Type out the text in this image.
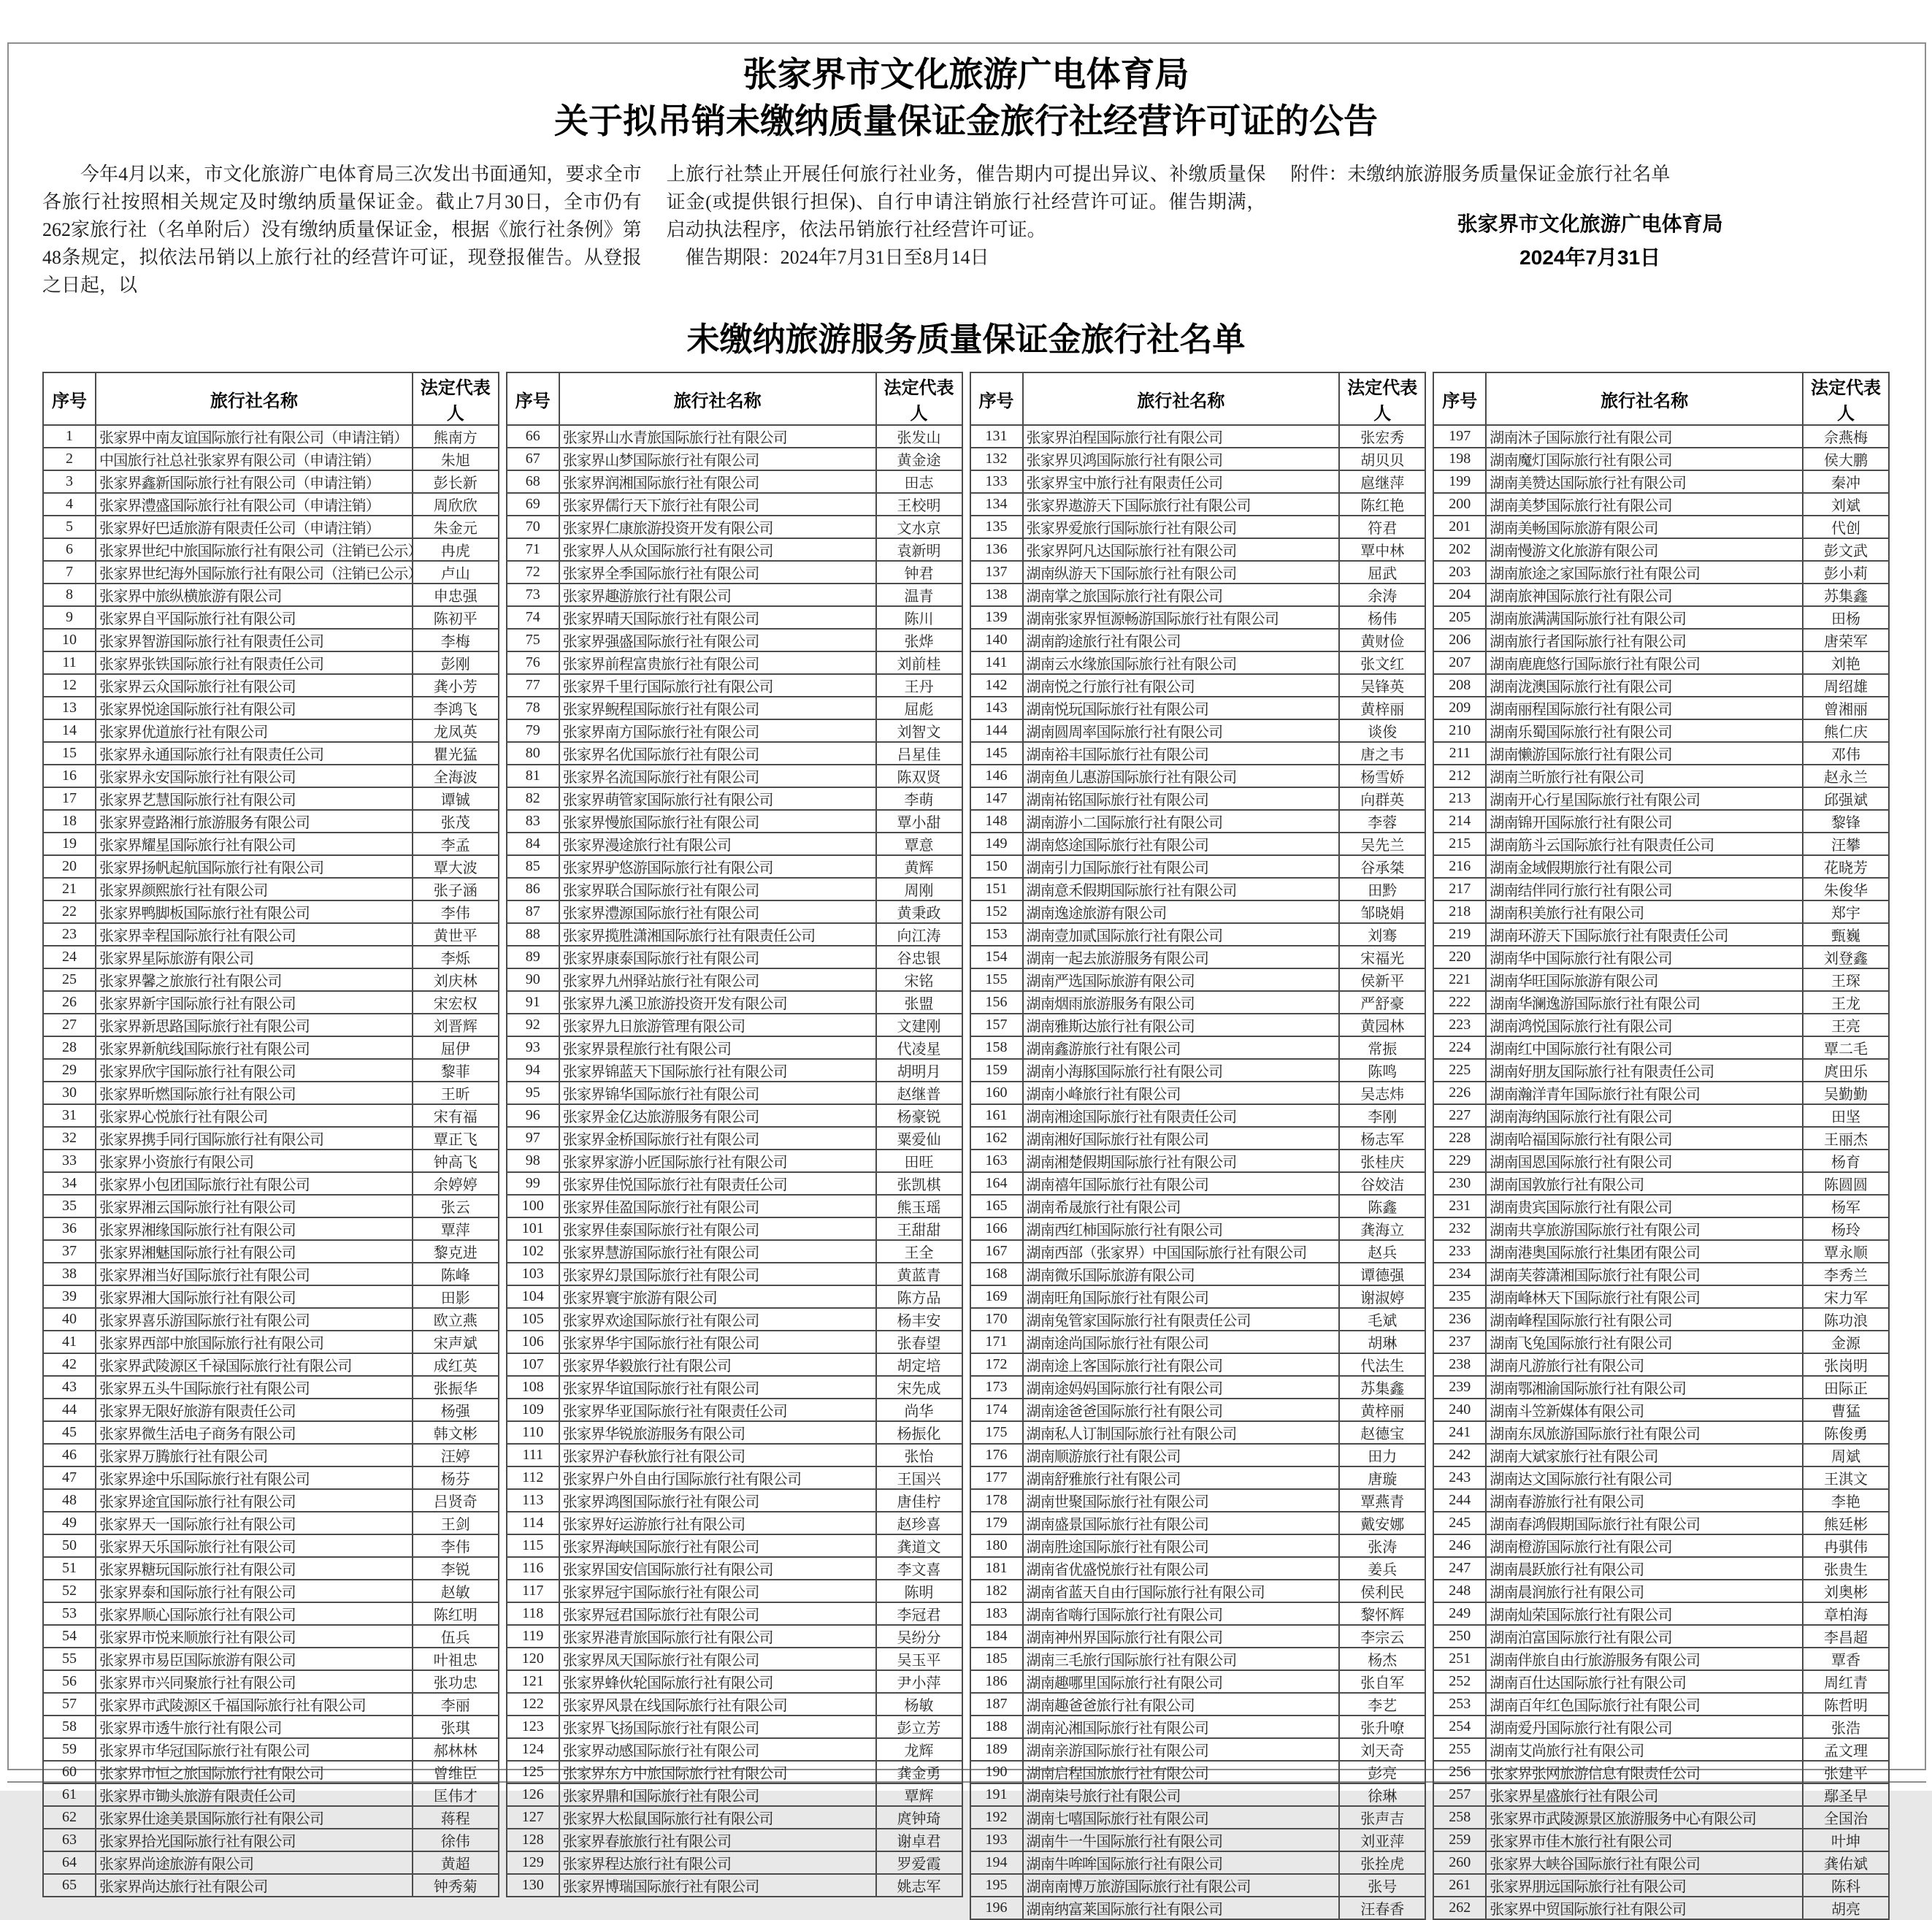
张家界市文化旅游广电体育局
关于拟吊销未缴纳质量保证金旅行社经营许可证的公告

今年4月以来，市文化旅游广电体育局三次发出书面通知，要求全市各旅行社按照相关规定及时缴纳质量保证金。截止7月30日，全市仍有262家旅行社（名单附后）没有缴纳质量保证金，根据《旅行社条例》第48条规定，拟依法吊销以上旅行社的经营许可证，现登报催告。从登报之日起，以

上旅行社禁止开展任何旅行社业务，催告期内可提出异议、补缴质量保证金(或提供银行担保)、自行申请注销旅行社经营许可证。催告期满，启动执法程序，依法吊销旅行社经营许可证。

催告期限：2024年7月31日至8月14日

附件：未缴纳旅游服务质量保证金旅行社名单

张家界市文化旅游广电体育局
2024年7月31日
未缴纳旅游服务质量保证金旅行社名单
序号	旅行社名称	法定代表人
1	张家界中南友谊国际旅行社有限公司（申请注销）	熊南方
2	中国旅行社总社张家界有限公司（申请注销）	朱旭
3	张家界鑫新国际旅行社有限公司（申请注销）	彭长新
4	张家界澧盛国际旅行社有限公司（申请注销）	周欣欣
5	张家界好巴适旅游有限责任公司（申请注销）	朱金元
6	张家界世纪中旅国际旅行社有限公司（注销已公示）	冉虎
7	张家界世纪海外国际旅行社有限公司（注销已公示）	卢山
8	张家界中旅纵横旅游有限公司	申忠强
9	张家界自平国际旅行社有限公司	陈初平
10	张家界智游国际旅行社有限责任公司	李梅
11	张家界张铁国际旅行社有限责任公司	彭刚
12	张家界云众国际旅行社有限公司	龚小芳
13	张家界悦途国际旅行社有限公司	李鸿飞
14	张家界优道旅行社有限公司	龙凤英
15	张家界永通国际旅行社有限责任公司	瞿光猛
16	张家界永安国际旅行社有限公司	全海波
17	张家界艺慧国际旅行社有限公司	谭铖
18	张家界壹路湘行旅游服务有限公司	张茂
19	张家界耀星国际旅行社有限公司	李孟
20	张家界扬帆起航国际旅行社有限公司	覃大波
21	张家界颜熙旅行社有限公司	张子涵
22	张家界鸭脚板国际旅行社有限公司	李伟
23	张家界幸程国际旅行社有限公司	黄世平
24	张家界星际旅游有限公司	李烁
25	张家界馨之旅旅行社有限公司	刘庆林
26	张家界新宇国际旅行社有限公司	宋宏权
27	张家界新思路国际旅行社有限公司	刘晋辉
28	张家界新航线国际旅行社有限公司	屈伊
29	张家界欣宇国际旅行社有限公司	黎菲
30	张家界昕燃国际旅行社有限公司	王昕
31	张家界心悦旅行社有限公司	宋有福
32	张家界携手同行国际旅行社有限公司	覃正飞
33	张家界小资旅行有限公司	钟高飞
34	张家界小包团国际旅行社有限公司	余婷婷
35	张家界湘云国际旅行社有限公司	张云
36	张家界湘缘国际旅行社有限公司	覃萍
37	张家界湘魅国际旅行社有限公司	黎克进
38	张家界湘当好国际旅行社有限公司	陈峰
39	张家界湘大国际旅行社有限公司	田影
40	张家界喜乐游国际旅行社有限公司	欧立燕
41	张家界西部中旅国际旅行社有限公司	宋声斌
42	张家界武陵源区千禄国际旅行社有限公司	成红英
43	张家界五头牛国际旅行社有限公司	张振华
44	张家界无限好旅游有限责任公司	杨强
45	张家界微生活电子商务有限公司	韩文彬
46	张家界万腾旅行社有限公司	汪婷
47	张家界途中乐国际旅行社有限公司	杨芬
48	张家界途宜国际旅行社有限公司	吕贤奇
49	张家界天一国际旅行社有限公司	王剑
50	张家界天乐国际旅行社有限公司	李伟
51	张家界糖玩国际旅行社有限公司	李锐
52	张家界泰和国际旅行社有限公司	赵敏
53	张家界顺心国际旅行社有限公司	陈红明
54	张家界市悦来顺旅行社有限公司	伍兵
55	张家界市易臣国际旅游有限公司	叶祖忠
56	张家界市兴同聚旅行社有限公司	张功忠
57	张家界市武陵源区千福国际旅行社有限公司	李丽
58	张家界市透牛旅行社有限公司	张琪
59	张家界市华冠国际旅行社有限公司	郝林林
60	张家界市恒之旅国际旅行社有限公司	曾维臣
61	张家界市锄头旅游有限责任公司	匡伟才
62	张家界仕途美景国际旅行社有限公司	蒋程
63	张家界拾光国际旅行社有限公司	徐伟
64	张家界尚途旅游有限公司	黄超
65	张家界尚达旅行社有限公司	钟秀菊
序号	旅行社名称	法定代表人
66	张家界山水青旅国际旅行社有限公司	张发山
67	张家界山梦国际旅行社有限公司	黄金途
68	张家界润湘国际旅行社有限公司	田志
69	张家界儒行天下旅行社有限公司	王校明
70	张家界仁康旅游投资开发有限公司	文水京
71	张家界人从众国际旅行社有限公司	袁新明
72	张家界全季国际旅行社有限公司	钟君
73	张家界趣游旅行社有限公司	温青
74	张家界晴天国际旅行社有限公司	陈川
75	张家界强盛国际旅行社有限公司	张烨
76	张家界前程富贵旅行社有限公司	刘前桂
77	张家界千里行国际旅行社有限公司	王丹
78	张家界鲵程国际旅行社有限公司	屈彪
79	张家界南方国际旅行社有限公司	刘智文
80	张家界名优国际旅行社有限公司	吕星佳
81	张家界名流国际旅行社有限公司	陈双贤
82	张家界萌管家国际旅行社有限公司	李萌
83	张家界慢旅国际旅行社有限公司	覃小甜
84	张家界漫途旅行社有限公司	覃意
85	张家界驴悠游国际旅行社有限公司	黄辉
86	张家界联合国际旅行社有限公司	周刚
87	张家界澧源国际旅行社有限公司	黄秉政
88	张家界揽胜潇湘国际旅行社有限责任公司	向江涛
89	张家界康泰国际旅行社有限公司	谷忠银
90	张家界九州驿站旅行社有限公司	宋铭
91	张家界九溪卫旅游投资开发有限公司	张盟
92	张家界九日旅游管理有限公司	文建刚
93	张家界景程旅行社有限公司	代凌星
94	张家界锦蓝天下国际旅行社有限公司	胡明月
95	张家界锦华国际旅行社有限公司	赵继普
96	张家界金亿达旅游服务有限公司	杨豪锐
97	张家界金桥国际旅行社有限公司	粟爱仙
98	张家界家游小匠国际旅行社有限公司	田旺
99	张家界佳悦国际旅行社有限责任公司	张凯棋
100	张家界佳盈国际旅行社有限公司	熊玉瑶
101	张家界佳泰国际旅行社有限公司	王甜甜
102	张家界慧游国际旅行社有限公司	王全
103	张家界幻景国际旅行社有限公司	黄蓝青
104	张家界寰宇旅游有限公司	陈方品
105	张家界欢途国际旅行社有限公司	杨丰安
106	张家界华宇国际旅行社有限公司	张春望
107	张家界华毅旅行社有限公司	胡定培
108	张家界华谊国际旅行社有限公司	宋先成
109	张家界华亚国际旅行社有限责任公司	尚华
110	张家界华锐旅游服务有限公司	杨振化
111	张家界沪春秋旅行社有限公司	张怡
112	张家界户外自由行国际旅行社有限公司	王国兴
113	张家界鸿图国际旅行社有限公司	唐佳柠
114	张家界好运游旅行社有限公司	赵珍喜
115	张家界海峡国际旅行社有限公司	龚道文
116	张家界国安信国际旅行社有限公司	李文喜
117	张家界冠宇国际旅行社有限公司	陈明
118	张家界冠君国际旅行社有限公司	李冠君
119	张家界港青旅国际旅行社有限公司	吴纷分
120	张家界凤天国际旅行社有限公司	吴玉平
121	张家界蜂伙轮国际旅行社有限公司	尹小萍
122	张家界风景在线国际旅行社有限公司	杨敏
123	张家界飞扬国际旅行社有限公司	彭立芳
124	张家界动感国际旅行社有限公司	龙辉
125	张家界东方中旅国际旅行社有限公司	龚金勇
126	张家界鼎和国际旅行社有限公司	覃辉
127	张家界大松鼠国际旅行社有限公司	庹钟琦
128	张家界春旅旅行社有限公司	谢卓君
129	张家界程达旅行社有限公司	罗爱霞
130	张家界博瑞国际旅行社有限公司	姚志军
序号	旅行社名称	法定代表人
131	张家界泊程国际旅行社有限公司	张宏秀
132	张家界贝鸿国际旅行社有限公司	胡贝贝
133	张家界宝中旅行社有限责任公司	扈继萍
134	张家界遨游天下国际旅行社有限公司	陈红艳
135	张家界爱旅行国际旅行社有限公司	符君
136	张家界阿凡达国际旅行社有限公司	覃中林
137	湖南纵游天下国际旅行社有限公司	屈武
138	湖南掌之旅国际旅行社有限公司	余涛
139	湖南张家界恒源畅游国际旅行社有限公司	杨伟
140	湖南韵途旅行社有限公司	黄财俭
141	湖南云水缘旅国际旅行社有限公司	张文红
142	湖南悦之行旅行社有限公司	吴锋英
143	湖南悦玩国际旅行社有限公司	黄梓丽
144	湖南圆周率国际旅行社有限公司	谈俊
145	湖南裕丰国际旅行社有限公司	唐之韦
146	湖南鱼儿惠游国际旅行社有限公司	杨雪娇
147	湖南祐铭国际旅行社有限公司	向群英
148	湖南游小二国际旅行社有限公司	李蓉
149	湖南悠途国际旅行社有限公司	吴先兰
150	湖南引力国际旅行社有限公司	谷承桀
151	湖南意禾假期国际旅行社有限公司	田黔
152	湖南逸途旅游有限公司	邹晓娟
153	湖南壹加贰国际旅行社有限公司	刘骞
154	湖南一起去旅游服务有限公司	宋福光
155	湖南严选国际旅游有限公司	侯新平
156	湖南烟雨旅游服务有限公司	严舒豪
157	湖南雅斯达旅行社有限公司	黄园林
158	湖南鑫游旅行社有限公司	常振
159	湖南小海豚国际旅行社有限公司	陈鸣
160	湖南小峰旅行社有限公司	吴志炜
161	湖南湘途国际旅行社有限责任公司	李刚
162	湖南湘好国际旅行社有限公司	杨志军
163	湖南湘楚假期国际旅行社有限公司	张桂庆
164	湖南禧年国际旅行社有限公司	谷姣洁
165	湖南希晟旅行社有限公司	陈鑫
166	湖南西红柿国际旅行社有限公司	龚海立
167	湖南西部（张家界）中国国际旅行社有限公司	赵兵
168	湖南微乐国际旅游有限公司	谭德强
169	湖南旺角国际旅行社有限公司	谢淑婷
170	湖南兔管家国际旅行社有限责任公司	毛斌
171	湖南途尚国际旅行社有限公司	胡琳
172	湖南途上客国际旅行社有限公司	代法生
173	湖南途妈妈国际旅行社有限公司	苏集鑫
174	湖南途爸爸国际旅行社有限公司	黄梓丽
175	湖南私人订制国际旅行社有限公司	赵德宝
176	湖南顺游旅行社有限公司	田力
177	湖南舒雅旅行社有限公司	唐璇
178	湖南世聚国际旅行社有限公司	覃燕青
179	湖南盛景国际旅行社有限公司	戴安娜
180	湖南胜途国际旅行社有限公司	张涛
181	湖南省优盛悦旅行社有限公司	姜兵
182	湖南省蓝天自由行国际旅行社有限公司	侯利民
183	湖南省嗨行国际旅行社有限公司	黎怀辉
184	湖南神州界国际旅行社有限公司	李宗云
185	湖南三毛旅行国际旅行社有限公司	杨杰
186	湖南趣哪里国际旅行社有限公司	张自军
187	湖南趣爸爸旅行社有限公司	李艺
188	湖南沁湘国际旅行社有限公司	张升嘹
189	湖南亲游国际旅行社有限公司	刘天奇
190	湖南启程国旅旅行社有限公司	彭亮
191	湖南柒号旅行社有限公司	徐琳
192	湖南七嘻国际旅行社有限公司	张声吉
193	湖南牛一牛国际旅行社有限公司	刘亚萍
194	湖南牛哞哞国际旅行社有限公司	张拴虎
195	湖南南博万旅游国际旅行社有限公司	张号
196	湖南纳富莱国际旅行社有限公司	汪春香
序号	旅行社名称	法定代表人
197	湖南沐子国际旅行社有限公司	佘燕梅
198	湖南魔灯国际旅行社有限公司	侯大鹏
199	湖南美赞达国际旅行社有限公司	秦冲
200	湖南美梦国际旅行社有限公司	刘斌
201	湖南美畅国际旅游有限公司	代创
202	湖南慢游文化旅游有限公司	彭文武
203	湖南旅途之家国际旅行社有限公司	彭小莉
204	湖南旅神国际旅行社有限公司	苏集鑫
205	湖南旅满满国际旅行社有限公司	田杨
206	湖南旅行者国际旅行社有限公司	唐荣军
207	湖南鹿鹿悠行国际旅行社有限公司	刘艳
208	湖南泷澳国际旅行社有限公司	周绍雄
209	湖南丽程国际旅行社有限公司	曾湘丽
210	湖南乐蜀国际旅行社有限公司	熊仁庆
211	湖南懒游国际旅行社有限公司	邓伟
212	湖南兰昕旅行社有限公司	赵永兰
213	湖南开心行星国际旅行社有限公司	邱强斌
214	湖南锦开国际旅行社有限公司	黎锋
215	湖南筋斗云国际旅行社有限责任公司	汪攀
216	湖南金域假期旅行社有限公司	花晓芳
217	湖南结伴同行旅行社有限公司	朱俊华
218	湖南积美旅行社有限公司	郑宇
219	湖南环游天下国际旅行社有限责任公司	甄巍
220	湖南华中国际旅行社有限公司	刘登鑫
221	湖南华旺国际旅游有限公司	王琛
222	湖南华澜逸游国际旅行社有限公司	王龙
223	湖南鸿悦国际旅行社有限公司	王亮
224	湖南红中国际旅行社有限公司	覃二毛
225	湖南好朋友国际旅行社有限责任公司	庹田乐
226	湖南瀚洋青年国际旅行社有限公司	吴勤勤
227	湖南海纳国际旅行社有限公司	田坚
228	湖南哈福国际旅行社有限公司	王丽杰
229	湖南国恩国际旅行社有限公司	杨育
230	湖南国敦旅行社有限公司	陈圆圆
231	湖南贵宾国际旅行社有限公司	杨军
232	湖南共享旅游国际旅行社有限公司	杨玲
233	湖南港奥国际旅行社集团有限公司	覃永顺
234	湖南芙蓉潇湘国际旅行社有限公司	李秀兰
235	湖南峰林天下国际旅行社有限公司	宋力军
236	湖南峰程国际旅行社有限公司	陈功浪
237	湖南飞兔国际旅行社有限公司	金源
238	湖南凡游旅行社有限公司	张岗明
239	湖南鄂湘渝国际旅行社有限公司	田际正
240	湖南斗笠新媒体有限公司	曹猛
241	湖南东凤旅游国际旅行社有限公司	陈俊勇
242	湖南大斌家旅行社有限公司	周斌
243	湖南达文国际旅行社有限公司	王淇文
244	湖南春游旅行社有限公司	李艳
245	湖南春鸿假期国际旅行社有限公司	熊廷彬
246	湖南橙游国际旅行社有限公司	冉骐伟
247	湖南晨跃旅行社有限公司	张贵生
248	湖南晨润旅行社有限公司	刘奥彬
249	湖南灿荣国际旅行社有限公司	章柏海
250	湖南泊富国际旅行社有限公司	李昌超
251	湖南伴旅自由行旅游服务有限公司	覃香
252	湖南百仕达国际旅行社有限公司	周红青
253	湖南百年红色国际旅行社有限公司	陈哲明
254	湖南爱丹国际旅行社有限公司	张浩
255	湖南艾尚旅行社有限公司	孟文理
256	张家界张网旅游信息有限责任公司	张建平
257	张家界星盛旅行社有限公司	鄢圣早
258	张家界市武陵源景区旅游服务中心有限公司	全国治
259	张家界市佳木旅行社有限公司	叶坤
260	张家界大峡谷国际旅行社有限公司	龚佑斌
261	张家界朋远国际旅行社有限公司	陈科
262	张家界中贸国际旅行社有限公司	胡亮
